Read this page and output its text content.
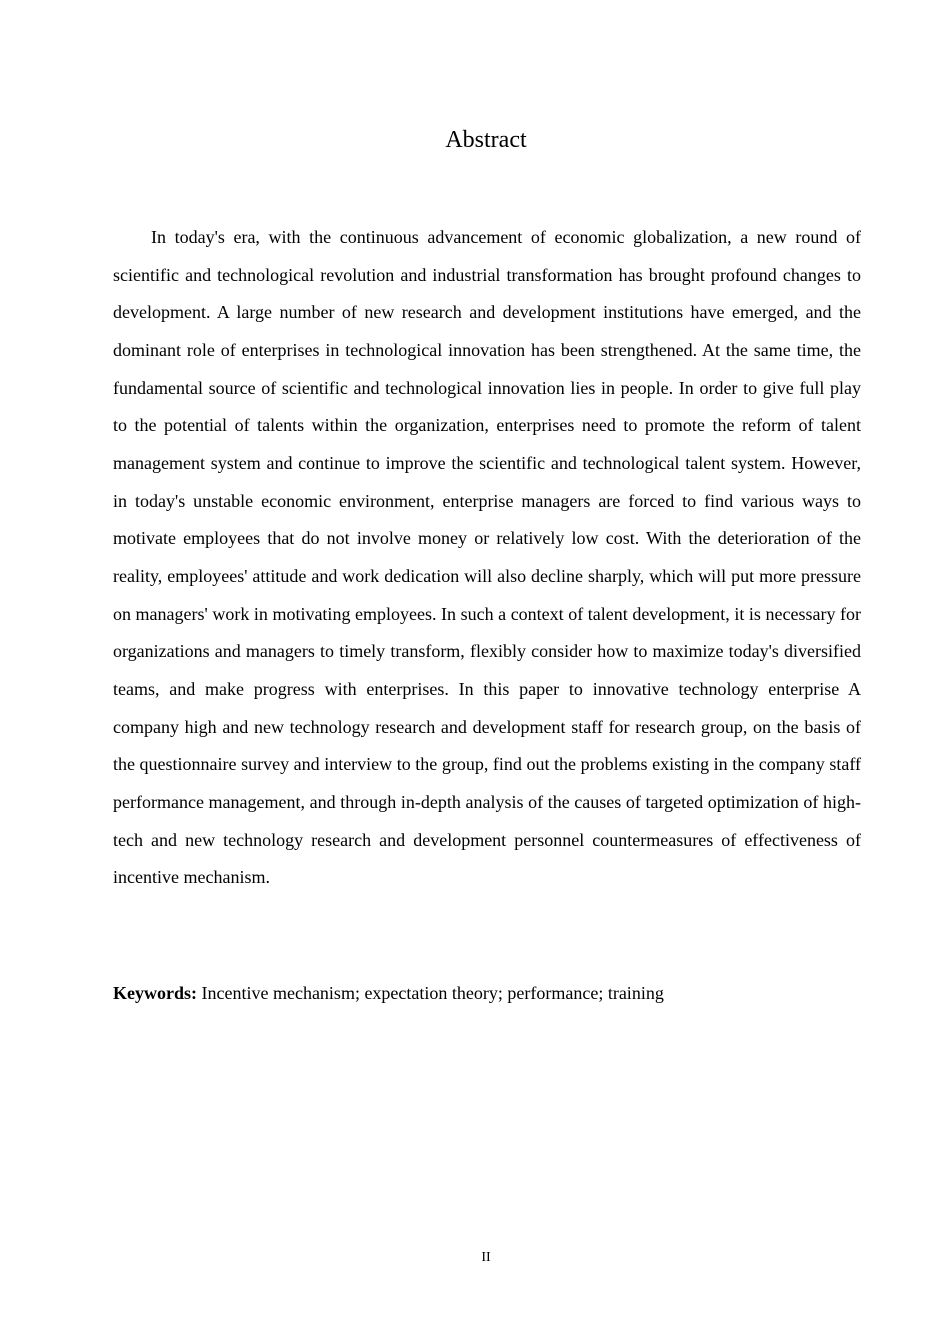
Abstract

In today's era, with the continuous advancement of economic globalization, a new round of scientific and technological revolution and industrial transformation has brought profound changes to development. A large number of new research and development institutions have emerged, and the dominant role of enterprises in technological innovation has been strengthened. At the same time, the fundamental source of scientific and technological innovation lies in people. In order to give full play to the potential of talents within the organization, enterprises need to promote the reform of talent management system and continue to improve the scientific and technological talent system. However, in today's unstable economic environment, enterprise managers are forced to find various ways to motivate employees that do not involve money or relatively low cost. With the deterioration of the reality, employees' attitude and work dedication will also decline sharply, which will put more pressure on managers' work in motivating employees. In such a context of talent development, it is necessary for organizations and managers to timely transform, flexibly consider how to maximize today's diversified teams, and make progress with enterprises. In this paper to innovative technology enterprise A company high and new technology research and development staff for research group, on the basis of the questionnaire survey and interview to the group, find out the problems existing in the company staff performance management, and through in-depth analysis of the causes of targeted optimization of high-tech and new technology research and development personnel countermeasures of effectiveness of incentive mechanism.

Keywords: Incentive mechanism; expectation theory; performance; training

II
